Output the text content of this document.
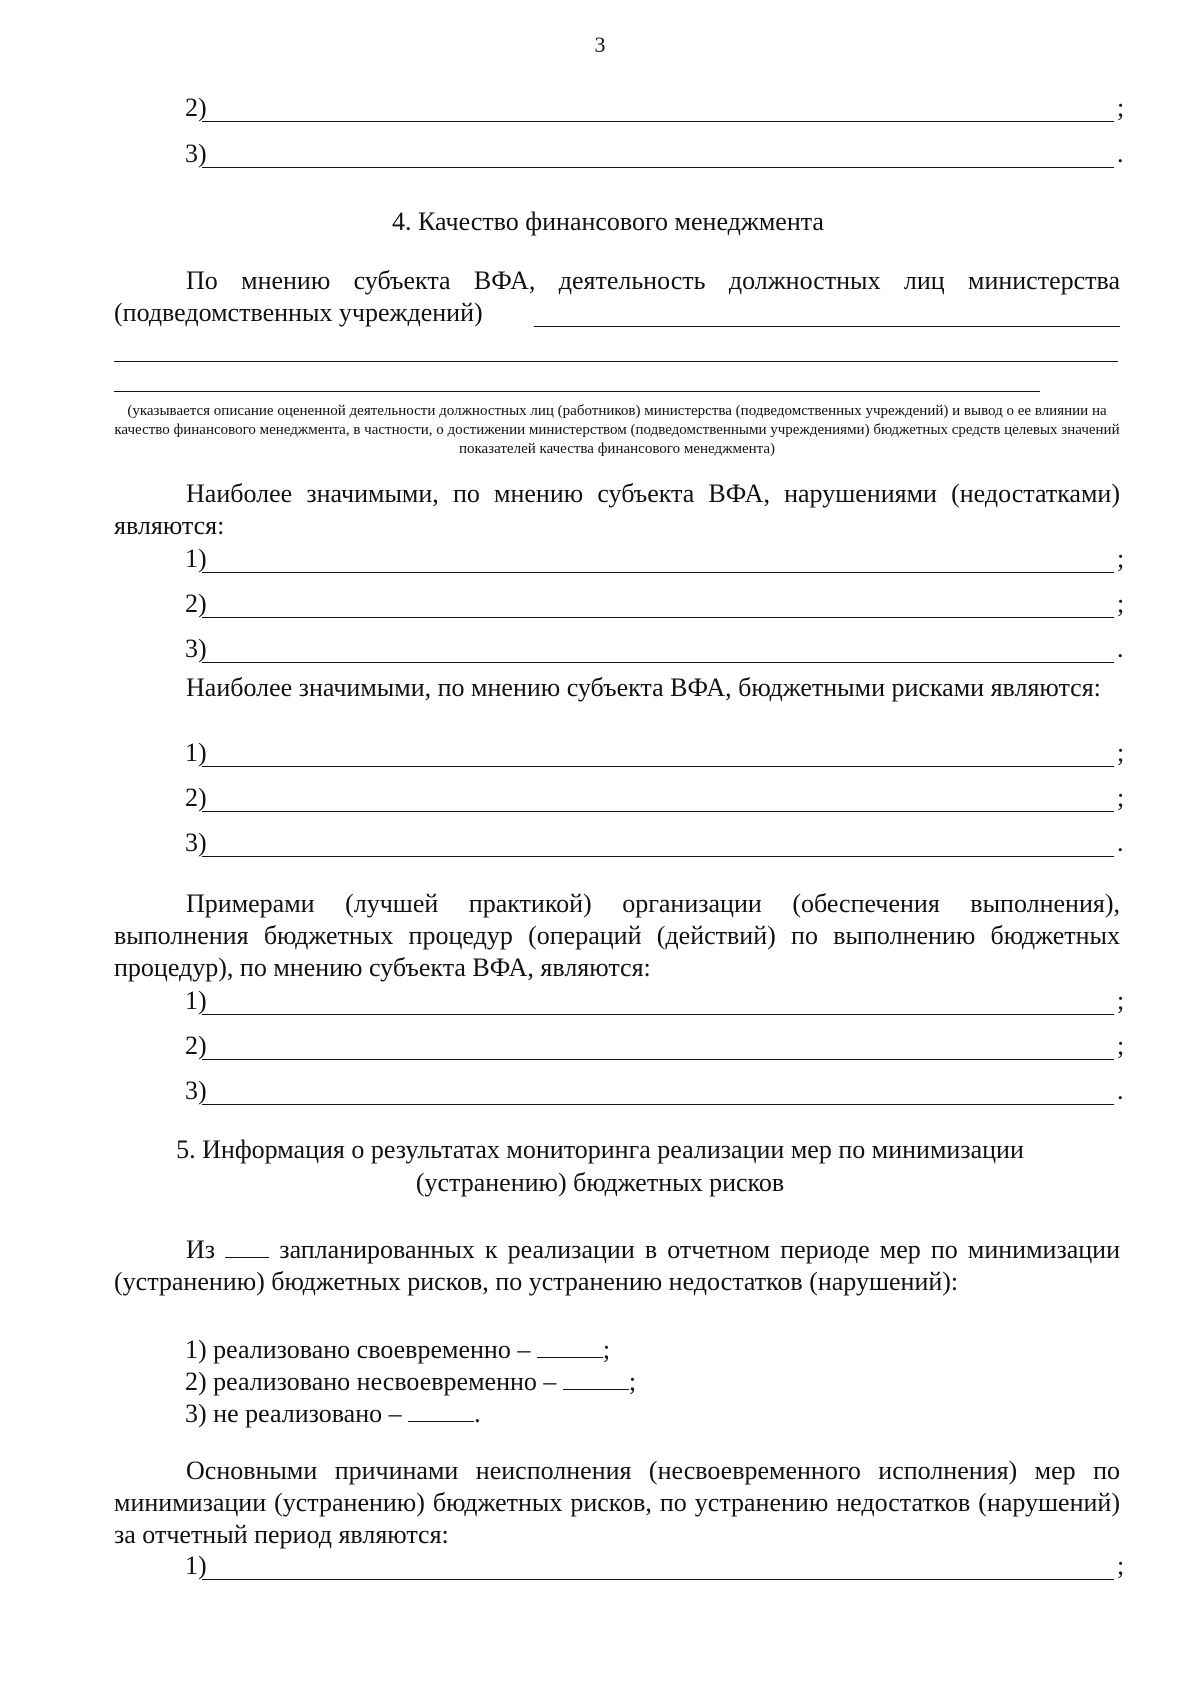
3
2)	;
3)	.
4. Качество финансового менеджмента
По мнению субъекта ВФА, деятельность должностных лиц министерства
(подведомственных учреждений)
(указывается описание оцененной деятельности должностных лиц (работников) министерства (подведомственных учреждений) и вывод о ее влиянии на качество финансового менеджмента, в частности, о достижении министерством (подведомственными учреждениями) бюджетных средств целевых значений показателей качества финансового менеджмента)
Наиболее значимыми, по мнению субъекта ВФА, нарушениями (недостатками) являются:
1)	;
2)	;
3)	.
Наиболее значимыми, по мнению субъекта ВФА, бюджетными рисками являются:
1)	;
2)	;
3)	.
Примерами (лучшей практикой) организации (обеспечения выполнения), выполнения бюджетных процедур (операций (действий) по выполнению бюджетных процедур), по мнению субъекта ВФА, являются:
1)	;
2)	;
3)	.
5. Информация о результатах мониторинга реализации мер по минимизации
(устранению) бюджетных рисков
Из запланированных к реализации в отчетном периоде мер по минимизации (устранению) бюджетных рисков, по устранению недостатков (нарушений):
1) реализовано своевременно –	;
2) реализовано несвоевременно –	;
3) не реализовано –	.
Основными причинами неисполнения (несвоевременного исполнения) мер по минимизации (устранению) бюджетных рисков, по устранению недостатков (нарушений) за отчетный период являются:
1)	;
